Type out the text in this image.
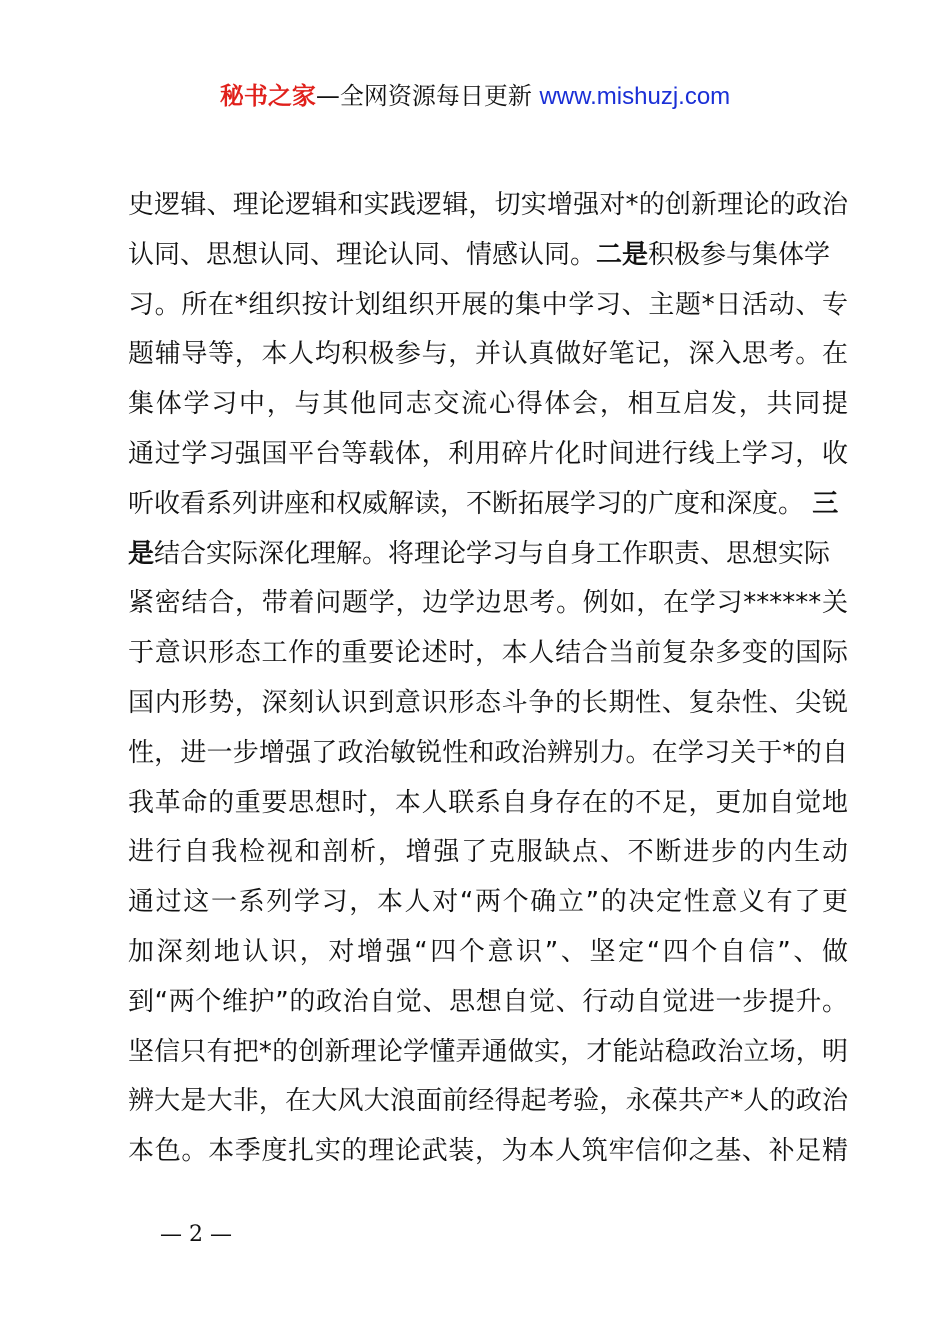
秘书之家—全网资源每日更新 www.mishuzj.com
史逻辑、理论逻辑和实践逻辑，切实增强对*的创新理论的政治
认同、思想认同、理论认同、情感认同。二是积极参与集体学
习。所在*组织按计划组织开展的集中学习、主题*日活动、专
题辅导等，本人均积极参与，并认真做好笔记，深入思考。在
集体学习中，与其他同志交流心得体会，相互启发，共同提
通过学习强国平台等载体，利用碎片化时间进行线上学习，收
听收看系列讲座和权威解读，不断拓展学习的广度和深度。 三
是结合实际深化理解。将理论学习与自身工作职责、思想实际
紧密结合，带着问题学，边学边思考。例如，在学习******关
于意识形态工作的重要论述时，本人结合当前复杂多变的国际
国内形势，深刻认识到意识形态斗争的长期性、复杂性、尖锐
性，进一步增强了政治敏锐性和政治辨别力。在学习关于*的自
我革命的重要思想时，本人联系自身存在的不足，更加自觉地
进行自我检视和剖析，增强了克服缺点、不断进步的内生动
通过这一系列学习，本人对“两个确立”的决定性意义有了更
加深刻地认识，对增强“四个意识”、坚定“四个自信”、做
到“两个维护”的政治自觉、思想自觉、行动自觉进一步提升。
坚信只有把*的创新理论学懂弄通做实，才能站稳政治立场，明
辨大是大非，在大风大浪面前经得起考验，永葆共产*人的政治
本色。本季度扎实的理论武装，为本人筑牢信仰之基、补足精
— 2 —
